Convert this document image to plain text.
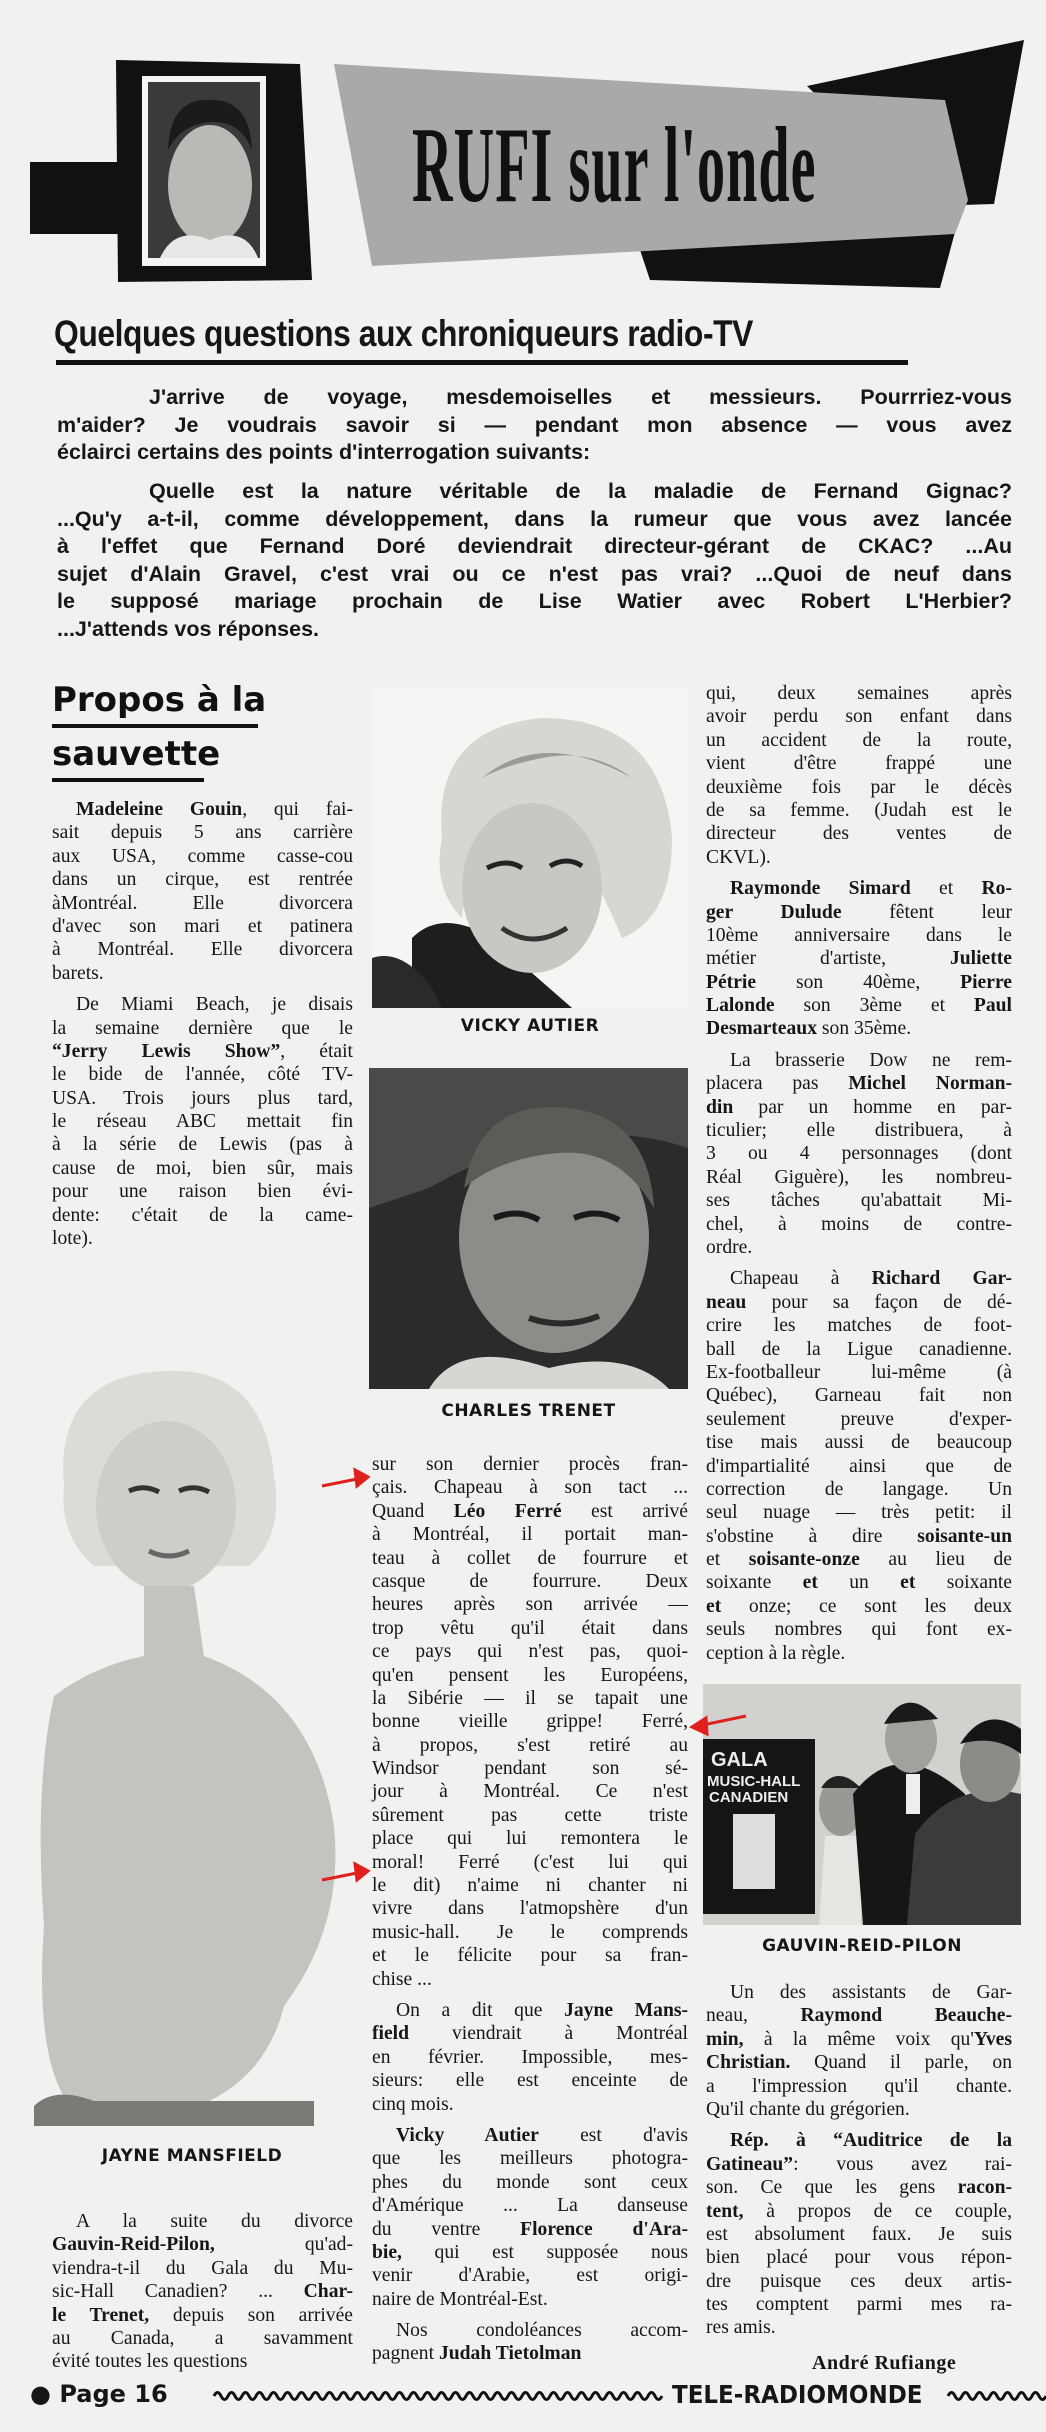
RUFI sur l'onde
Quelques questions aux chroniqueurs radio-TV
J'arrive de voyage, mesdemoiselles et messieurs. Pourrriez-vous
m'aider? Je voudrais savoir si — pendant mon absence — vous avez
éclairci certains des points d'interrogation suivants:
Quelle est la nature véritable de la maladie de Fernand Gignac?
...Qu'y a-t-il, comme développement, dans la rumeur que vous avez lancée
à l'effet que Fernand Doré deviendrait directeur-gérant de CKAC? ...Au
sujet d'Alain Gravel, c'est vrai ou ce n'est pas vrai? ...Quoi de neuf dans
le supposé mariage prochain de Lise Watier avec Robert L'Herbier?
...J'attends vos réponses.
Propos à la
sauvette
Madeleine Gouin, qui fai-
sait depuis 5 ans carrière
aux USA, comme casse-cou
dans un cirque, est rentrée
àMontréal. Elle divorcera
d'avec son mari et patinera
à Montréal. Elle divorcera
barets.
De Miami Beach, je disais
la semaine dernière que le
“Jerry Lewis Show”, était
le bide de l'année, côté TV-
USA. Trois jours plus tard,
le réseau ABC mettait fin
à la série de Lewis (pas à
cause de moi, bien sûr, mais
pour une raison bien évi-
dente: c'était de la came-
lote).
A la suite du divorce
Gauvin-Reid-Pilon, qu'ad-
viendra-t-il du Gala du Mu-
sic-Hall Canadien? ... Char-
le Trenet, depuis son arrivée
au Canada, a savamment
évité toutes les questions
sur son dernier procès fran-
çais. Chapeau à son tact ...
Quand Léo Ferré est arrivé
à Montréal, il portait man-
teau à collet de fourrure et
casque de fourrure. Deux
heures après son arrivée —
trop vêtu qu'il était dans
ce pays qui n'est pas, quoi-
qu'en pensent les Européens,
la Sibérie — il se tapait une
bonne vieille grippe! Ferré,
à propos, s'est retiré au
Windsor pendant son sé-
jour à Montréal. Ce n'est
sûrement pas cette triste
place qui lui remontera le
moral! Ferré (c'est lui qui
le dit) n'aime ni chanter ni
vivre dans l'atmopshère d'un
music-hall. Je le comprends
et le félicite pour sa fran-
chise ...
On a dit que Jayne Mans-
field viendrait à Montréal
en février. Impossible, mes-
sieurs: elle est enceinte de
cinq mois.
Vicky Autier est d'avis
que les meilleurs photogra-
phes du monde sont ceux
d'Amérique ... La danseuse
du ventre Florence d'Ara-
bie, qui est supposée nous
venir d'Arabie, est origi-
naire de Montréal-Est.
Nos condoléances accom-
pagnent Judah Tietolman
qui, deux semaines après
avoir perdu son enfant dans
un accident de la route,
vient d'être frappé une
deuxième fois par le décès
de sa femme. (Judah est le
directeur des ventes de
CKVL).
Raymonde Simard et Ro-
ger Dulude fêtent leur
10ème anniversaire dans le
métier d'artiste, Juliette
Pétrie son 40ème, Pierre
Lalonde son 3ème et Paul
Desmarteaux son 35ème.
La brasserie Dow ne rem-
placera pas Michel Norman-
din par un homme en par-
ticulier; elle distribuera, à
3 ou 4 personnages (dont
Réal Giguère), les nombreu-
ses tâches qu'abattait Mi-
chel, à moins de contre-
ordre.
Chapeau à Richard Gar-
neau pour sa façon de dé-
crire les matches de foot-
ball de la Ligue canadienne.
Ex-footballeur lui-même (à
Québec), Garneau fait non
seulement preuve d'exper-
tise mais aussi de beaucoup
d'impartialité ainsi que de
correction de langage. Un
seul nuage — très petit: il
s'obstine à dire soisante-un
et soisante-onze au lieu de
soixante et un et soixante
et onze; ce sont les deux
seuls nombres qui font ex-
ception à la règle.
Un des assistants de Gar-
neau, Raymond Beauche-
min, à la même voix qu'Yves
Christian. Quand il parle, on
a l'impression qu'il chante.
Qu'il chante du grégorien.
Rép. à “Auditrice de la
Gatineau”: vous avez rai-
son. Ce que les gens racon-
tent, à propos de ce couple,
est absolument faux. Je suis
bien placé pour vous répon-
dre puisque ces deux artis-
tes comptent parmi mes ra-
res amis.
VICKY AUTIER
CHARLES TRENET
JAYNE MANSFIELD
GALA
MUSIC-HALL
CANADIEN
GAUVIN-REID-PILON
André Rufiange
● Page 16	TELE-RADIOMONDE
